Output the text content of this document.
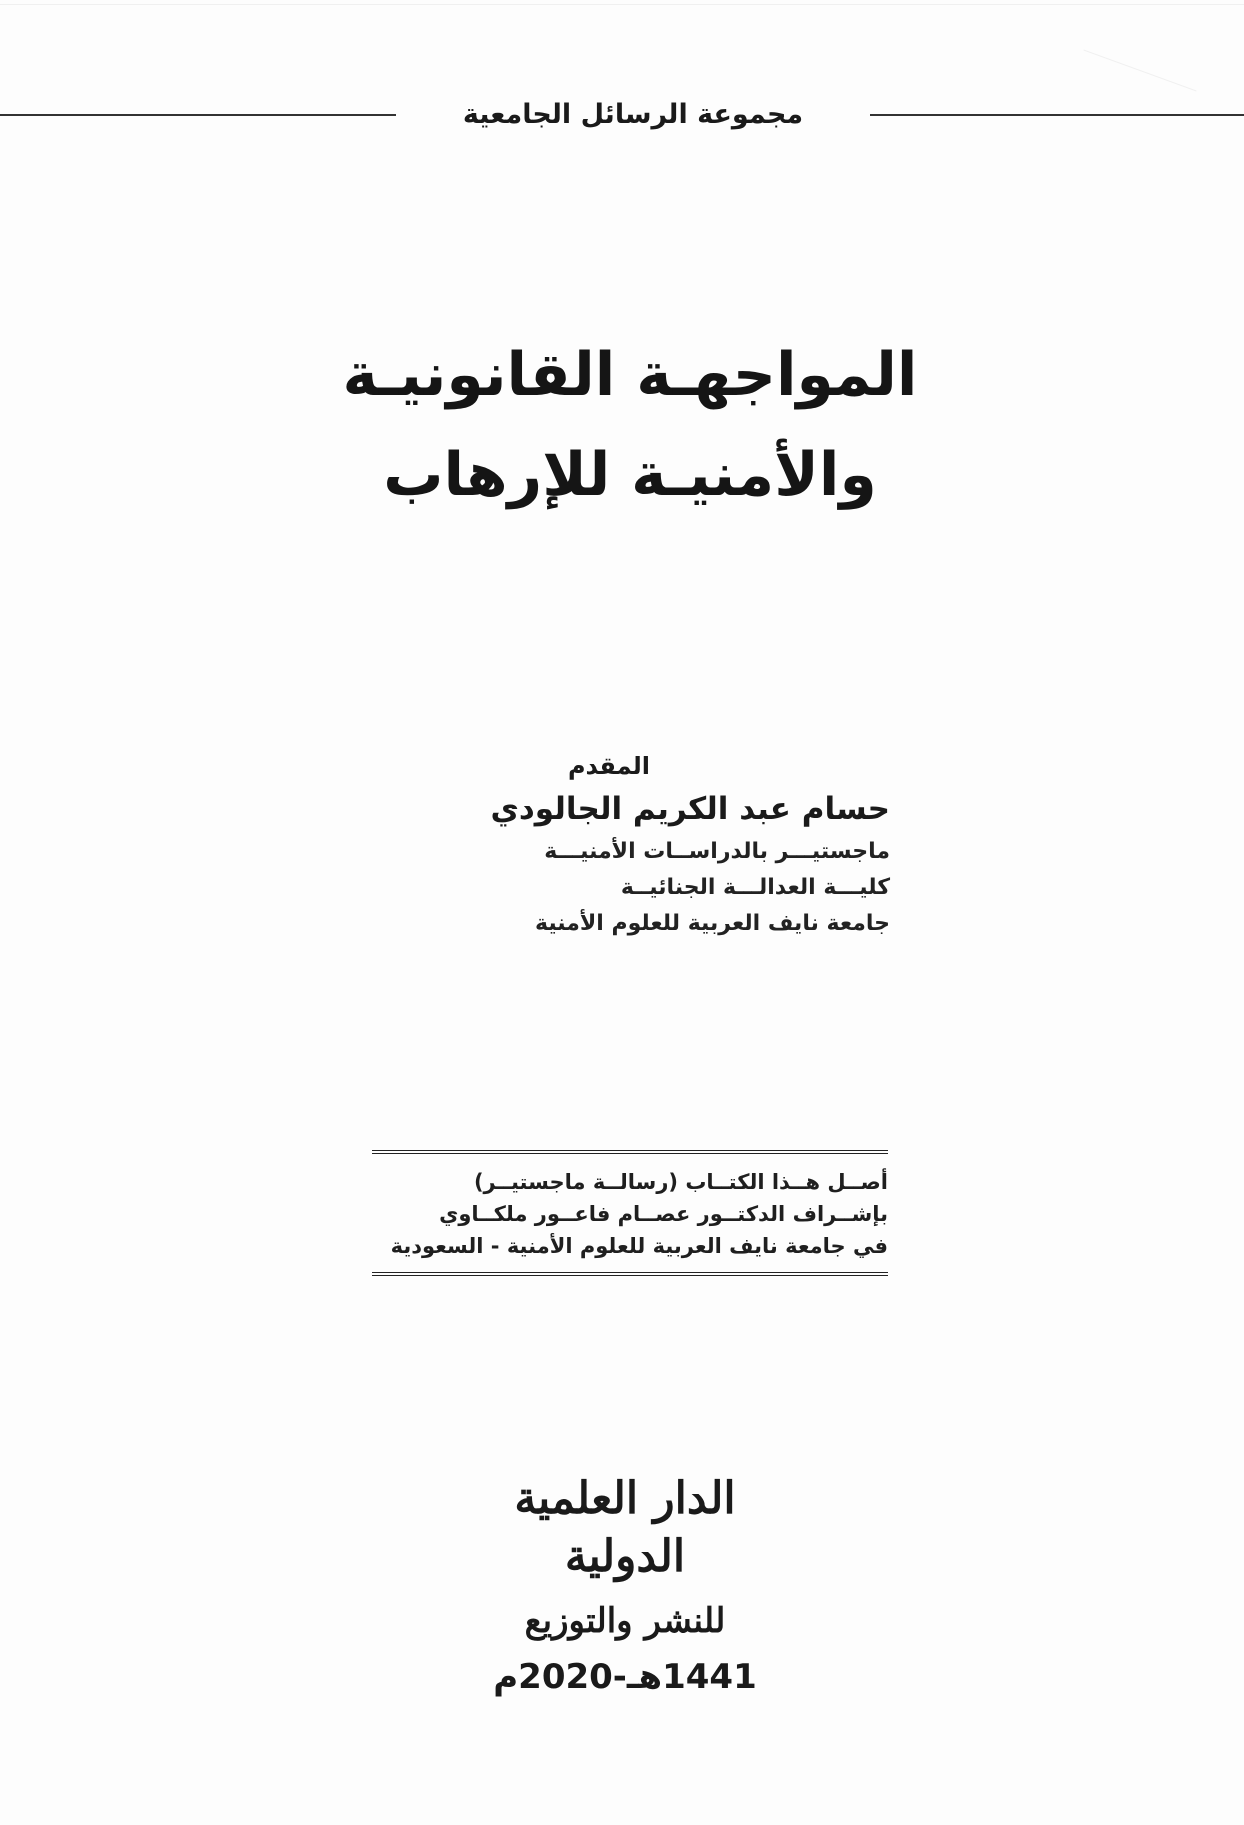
مجموعة الرسائل الجامعية
المواجهـة القانونيـة
والأمنيـة للإرهاب
المقدم
حسام عبد الكريم الجالودي
ماجستيـــر بالدراســات الأمنيـــة
كليـــة العدالـــة الجنائيــة
جامعة نايف العربية للعلوم الأمنية
أصــل هــذا الكتــاب (رسالــة ماجستيــر)
بإشــراف الدكتــور عصــام فاعــور ملكــاوي
في جامعة نايف العربية للعلوم الأمنية - السعودية
الدار العلمية الدولية
للنشر والتوزيع
1441هـ-2020م
